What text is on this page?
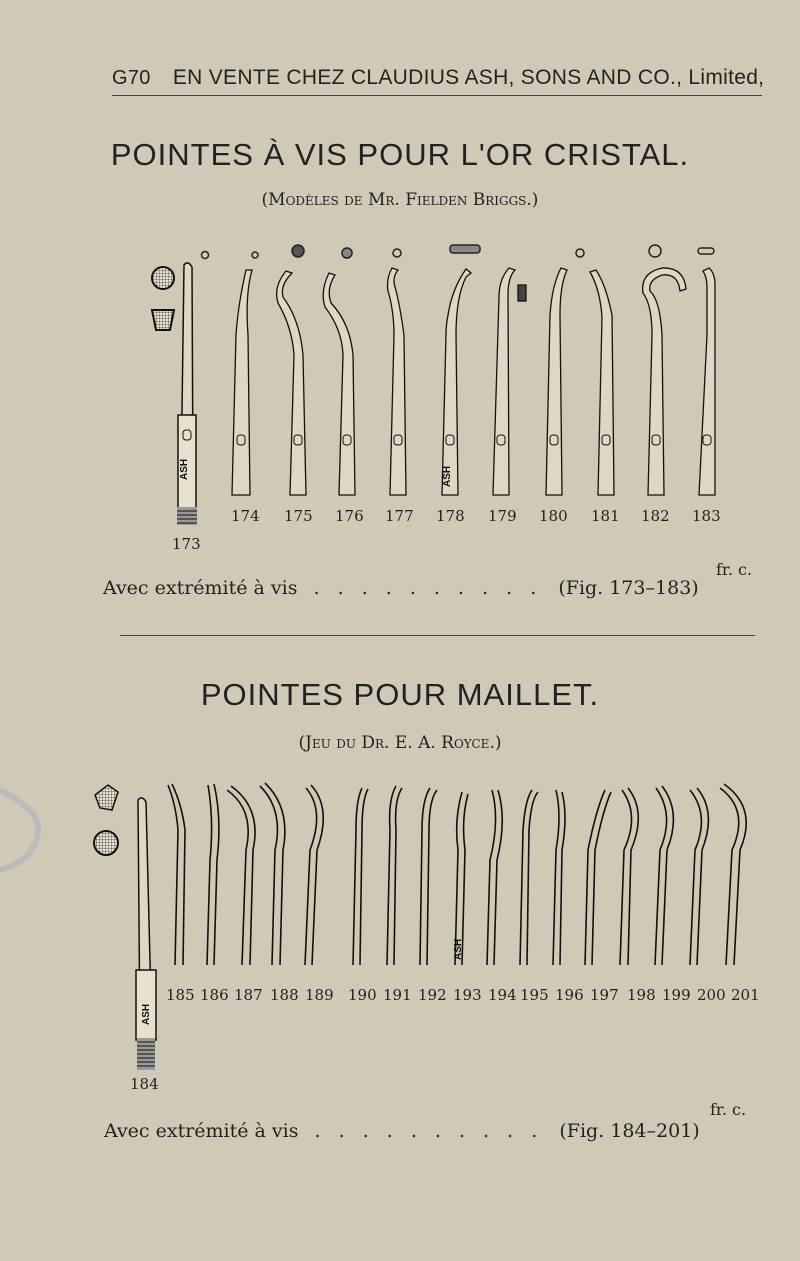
G70 EN VENTE CHEZ CLAUDIUS ASH, SONS AND CO., Limited,
POINTES À VIS POUR L'OR CRISTAL.
(Modèles de Mr. Fielden Briggs.)
ASH	ASH
174 175 176 177 178 179 180 181 182 183
173
fr. c.
Avec extrémité à vis . . . . . . . . . . (Fig. 173–183)
POINTES POUR MAILLET.
(Jeu du Dr. E. A. Royce.)
ASH
ASH
185 186 187 188 189 190 191 192 193 194 195 196 197 198 199 200 201
184
fr. c.
Avec extrémité à vis . . . . . . . . . . (Fig. 184–201)
